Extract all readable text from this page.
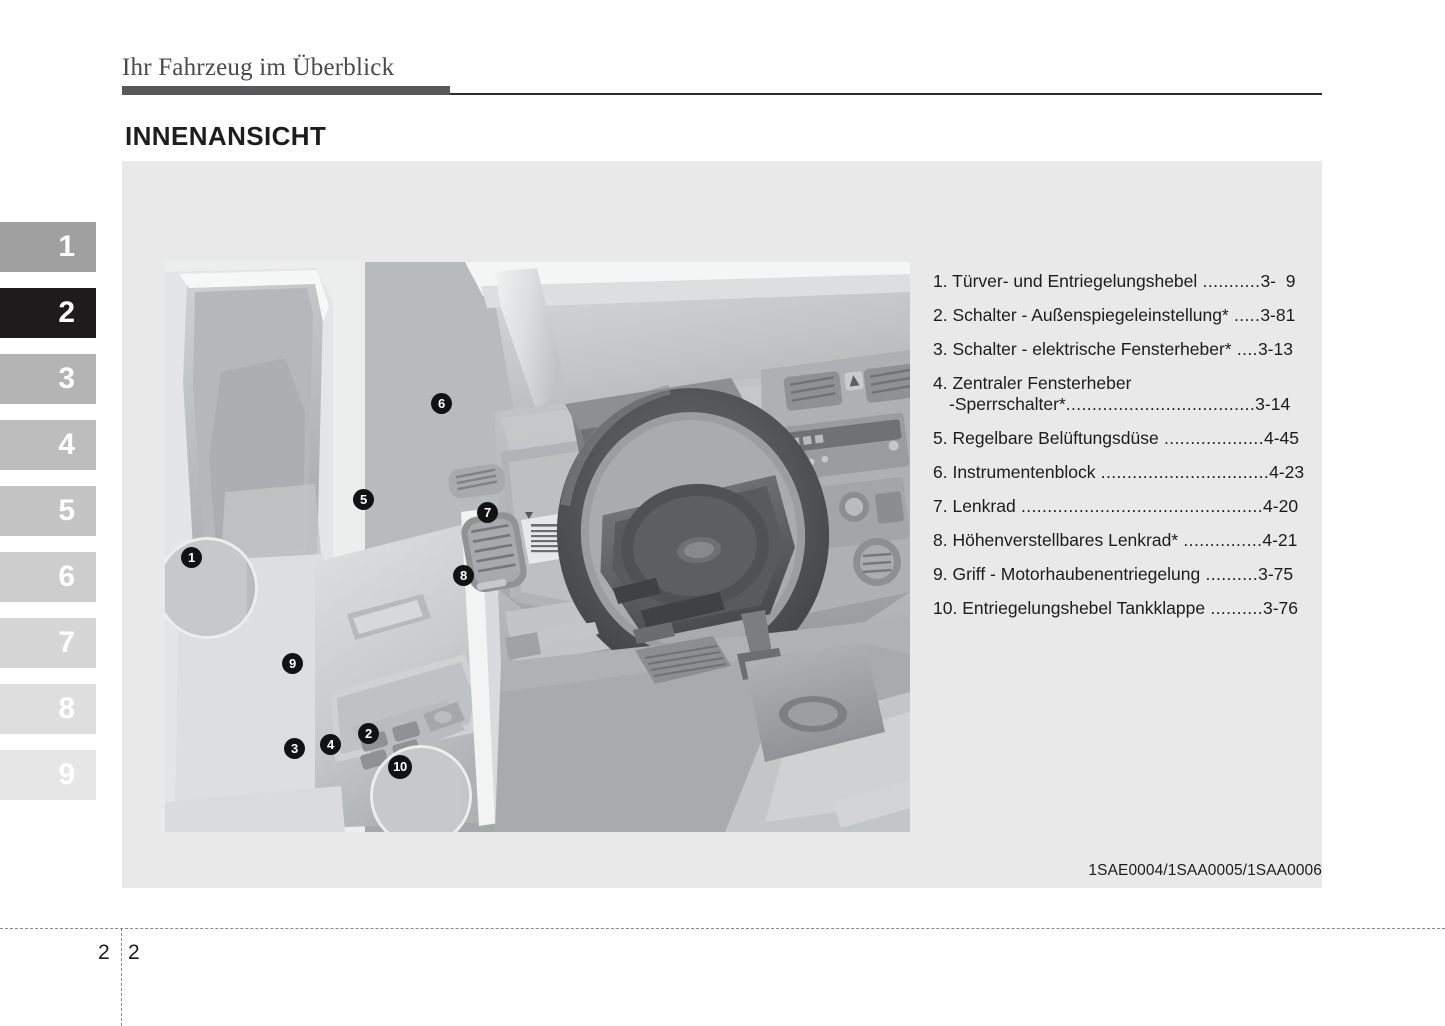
Ihr Fahrzeug im Überblick
INNENANSICHT
1
2
3
4
5
6
7
8
9
1
2
3	4
5
6
7
8
9
10
1. Türver- und Entriegelungshebel ...........3-  9
2. Schalter - Außenspiegeleinstellung* .....3-81
3. Schalter - elektrische Fensterheber* ....3-13
4. Zentraler Fensterheber
-Sperrschalter*....................................3-14
5. Regelbare Belüftungsdüse ...................4-45
6. Instrumentenblock ................................4-23
7. Lenkrad ..............................................4-20
8. Höhenverstellbares Lenkrad* ...............4-21
9. Griff - Motorhaubenentriegelung ..........3-75
10. Entriegelungshebel Tankklappe ..........3-76
1SAE0004/1SAA0005/1SAA0006
2 2
